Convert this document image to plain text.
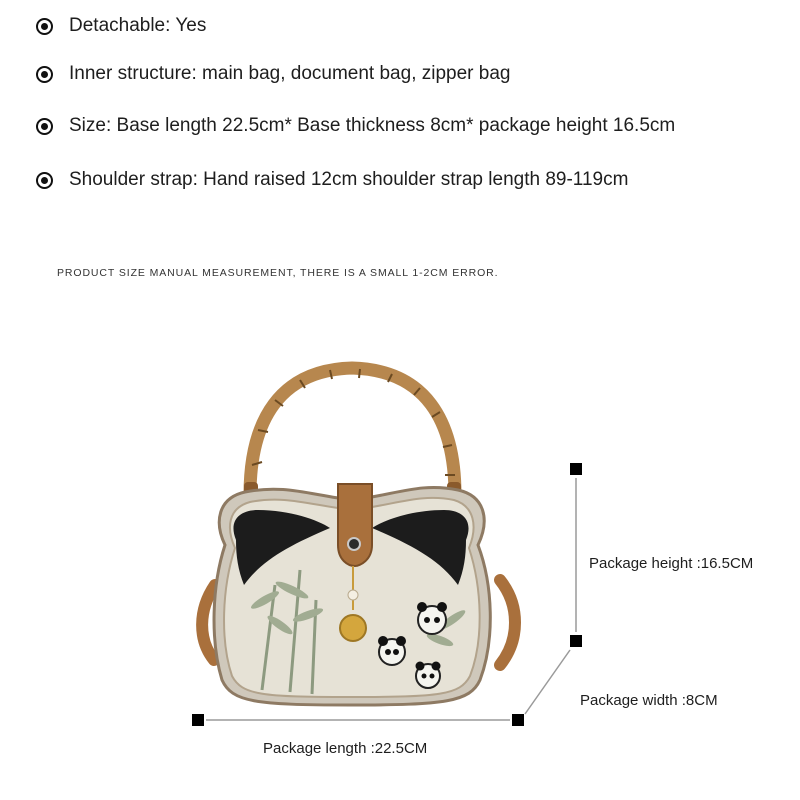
Detachable: Yes
Inner structure: main bag, document bag, zipper bag
Size: Base length 22.5cm* Base thickness 8cm* package height 16.5cm
Shoulder strap: Hand raised 12cm shoulder strap length 89-119cm
PRODUCT SIZE MANUAL MEASUREMENT, THERE IS A SMALL 1-2CM ERROR.
Package height :16.5CM
Package width :8CM
Package length :22.5CM
